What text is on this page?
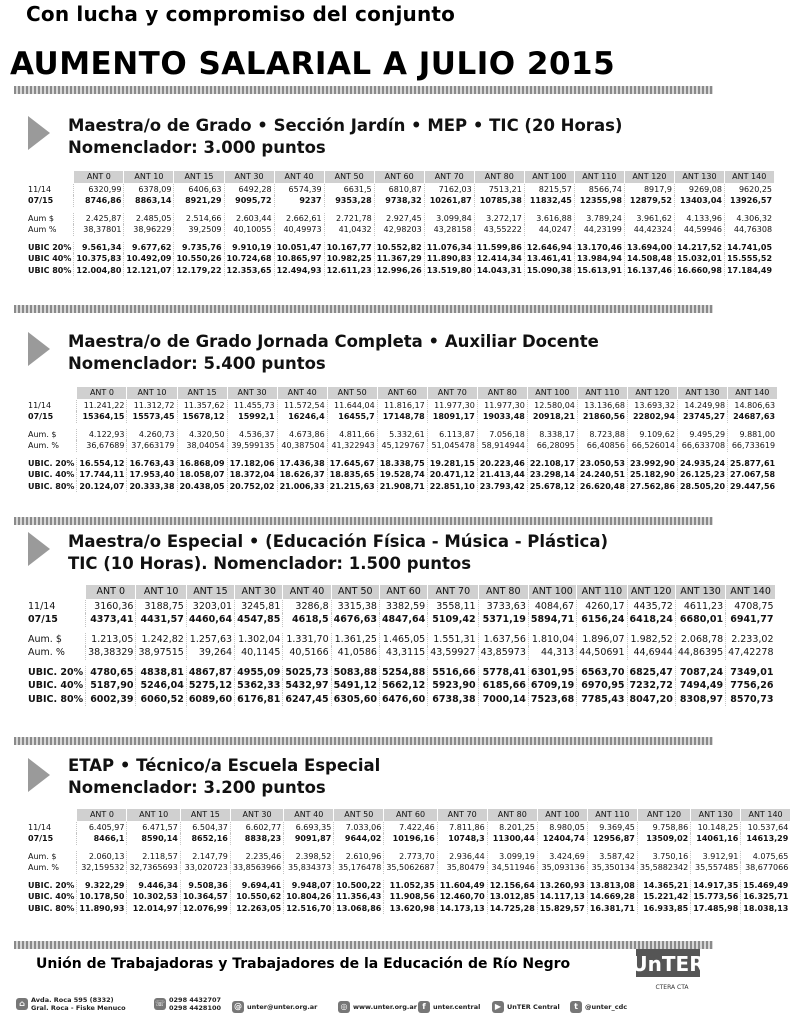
Con lucha y compromiso del conjunto
AUMENTO SALARIAL A JULIO 2015
Maestra/o de Grado • Sección Jardín • MEP • TIC (20 Horas)
Nomenclador: 3.000 puntos
	ANT 0	ANT 10	ANT 15	ANT 30	ANT 40	ANT 50	ANT 60	ANT 70	ANT 80	ANT 100	ANT 110	ANT 120	ANT 130	ANT 140
11/14	6320,99	6378,09	6406,63	6492,28	6574,39	6631,5	6810,87	7162,03	7513,21	8215,57	8566,74	8917,9	9269,08	9620,25
07/15	8746,86	8863,14	8921,29	9095,72	9237	9353,28	9738,32	10261,87	10785,38	11832,45	12355,98	12879,52	13403,04	13926,57

Aum $	2.425,87	2.485,05	2.514,66	2.603,44	2.662,61	2.721,78	2.927,45	3.099,84	3.272,17	3.616,88	3.789,24	3.961,62	4.133,96	4.306,32
Aum %	38,37801	38,96229	39,2509	40,10055	40,49973	41,0432	42,98203	43,28158	43,55222	44,0247	44,23199	44,42324	44,59946	44,76308

UBIC 20%	9.561,34	9.677,62	9.735,76	9.910,19	10.051,47	10.167,77	10.552,82	11.076,34	11.599,86	12.646,94	13.170,46	13.694,00	14.217,52	14.741,05
UBIC 40%	10.375,83	10.492,09	10.550,26	10.724,68	10.865,97	10.982,25	11.367,29	11.890,83	12.414,34	13.461,41	13.984,94	14.508,48	15.032,01	15.555,52
UBIC 80%	12.004,80	12.121,07	12.179,22	12.353,65	12.494,93	12.611,23	12.996,26	13.519,80	14.043,31	15.090,38	15.613,91	16.137,46	16.660,98	17.184,49
Maestra/o de Grado Jornada Completa • Auxiliar Docente
Nomenclador: 5.400 puntos
	ANT 0	ANT 10	ANT 15	ANT 30	ANT 40	ANT 50	ANT 60	ANT 70	ANT 80	ANT 100	ANT 110	ANT 120	ANT 130	ANT 140
11/14	11.241,22	11.312,72	11.357,62	11.455,73	11.572,54	11.644,04	11.816,17	11.977,30	11.977,30	12.580,04	13.136,68	13.693,32	14.249,98	14.806,63
07/15	15364,15	15573,45	15678,12	15992,1	16246,4	16455,7	17148,78	18091,17	19033,48	20918,21	21860,56	22802,94	23745,27	24687,63

Aum. $	4.122,93	4.260,73	4.320,50	4.536,37	4.673,86	4.811,66	5.332,61	6.113,87	7.056,18	8.338,17	8.723,88	9.109,62	9.495,29	9.881,00
Aum. %	36,67689	37,663179	38,04054	39,599135	40,387504	41,322943	45,129767	51,045478	58,914944	66,28095	66,40856	66,526014	66,633708	66,733619

UBIC. 20%	16.554,12	16.763,43	16.868,09	17.182,06	17.436,38	17.645,67	18.338,75	19.281,15	20.223,46	22.108,17	23.050,53	23.992,90	24.935,24	25.877,61
UBIC. 40%	17.744,11	17.953,40	18.058,07	18.372,04	18.626,37	18.835,65	19.528,74	20.471,12	21.413,44	23.298,14	24.240,51	25.182,90	26.125,23	27.067,58
UBIC. 80%	20.124,07	20.333,38	20.438,05	20.752,02	21.006,33	21.215,63	21.908,71	22.851,10	23.793,42	25.678,12	26.620,48	27.562,86	28.505,20	29.447,56
Maestra/o Especial • (Educación Física - Música - Plástica)
TIC (10 Horas). Nomenclador: 1.500 puntos
	ANT 0	ANT 10	ANT 15	ANT 30	ANT 40	ANT 50	ANT 60	ANT 70	ANT 80	ANT 100	ANT 110	ANT 120	ANT 130	ANT 140
11/14	3160,36	3188,75	3203,01	3245,81	3286,8	3315,38	3382,59	3558,11	3733,63	4084,67	4260,17	4435,72	4611,23	4708,75
07/15	4373,41	4431,57	4460,64	4547,85	4618,5	4676,63	4847,64	5109,42	5371,19	5894,71	6156,24	6418,24	6680,01	6941,77

Aum. $	1.213,05	1.242,82	1.257,63	1.302,04	1.331,70	1.361,25	1.465,05	1.551,31	1.637,56	1.810,04	1.896,07	1.982,52	2.068,78	2.233,02
Aum. %	38,38329	38,97515	39,264	40,1145	40,5166	41,0586	43,3115	43,59927	43,85973	44,313	44,50691	44,6944	44,86395	47,42278

UBIC. 20%	4780,65	4838,81	4867,87	4955,09	5025,73	5083,88	5254,88	5516,66	5778,41	6301,95	6563,70	6825,47	7087,24	7349,01
UBIC. 40%	5187,90	5246,04	5275,12	5362,33	5432,97	5491,12	5662,12	5923,90	6185,66	6709,19	6970,95	7232,72	7494,49	7756,26
UBIC. 80%	6002,39	6060,52	6089,60	6176,81	6247,45	6305,60	6476,60	6738,38	7000,14	7523,68	7785,43	8047,20	8308,97	8570,73
ETAP • Técnico/a Escuela Especial
Nomenclador: 3.200 puntos
	ANT 0	ANT 10	ANT 15	ANT 30	ANT 40	ANT 50	ANT 60	ANT 70	ANT 80	ANT 100	ANT 110	ANT 120	ANT 130	ANT 140
11/14	6.405,97	6.471,57	6.504,37	6.602,77	6.693,35	7.033,06	7.422,46	7.811,86	8.201,25	8.980,05	9.369,45	9.758,86	10.148,25	10.537,64
07/15	8466,1	8590,14	8652,16	8838,23	9091,87	9644,02	10196,16	10748,3	11300,44	12404,74	12956,87	13509,02	14061,16	14613,29

Aum. $	2.060,13	2.118,57	2.147,79	2.235,46	2.398,52	2.610,96	2.773,70	2.936,44	3.099,19	3.424,69	3.587,42	3.750,16	3.912,91	4.075,65
Aum. %	32,159532	32,7365693	33,020723	33,8563966	35,834373	35,176478	35,5062687	35,80479	34,511946	35,093136	35,350134	35,5882342	35,557485	38,677066

UBIC. 20%	9.322,29	9.446,34	9.508,36	9.694,41	9.948,07	10.500,22	11.052,35	11.604,49	12.156,64	13.260,93	13.813,08	14.365,21	14.917,35	15.469,49
UBIC. 40%	10.178,50	10.302,53	10.364,57	10.550,62	10.804,26	11.356,43	11.908,56	12.460,70	13.012,85	14.117,13	14.669,28	15.221,42	15.773,56	16.325,71
UBIC. 80%	11.890,93	12.014,97	12.076,99	12.263,05	12.516,70	13.068,86	13.620,98	14.173,13	14.725,28	15.829,57	16.381,71	16.933,85	17.485,98	18.038,13
Unión de Trabajadoras y Trabajadores de la Educación de Río Negro	UnTER
CTERA CTA
⌂ Avda. Roca 595 (8332)
Gral. Roca - Fiske Menuco	☏ 0298 4432707
0298 4428100 @ unter@unter.org.ar	◎ www.unter.org.ar f	unter.central	▶ UnTER Central	t	@unter_cdc
